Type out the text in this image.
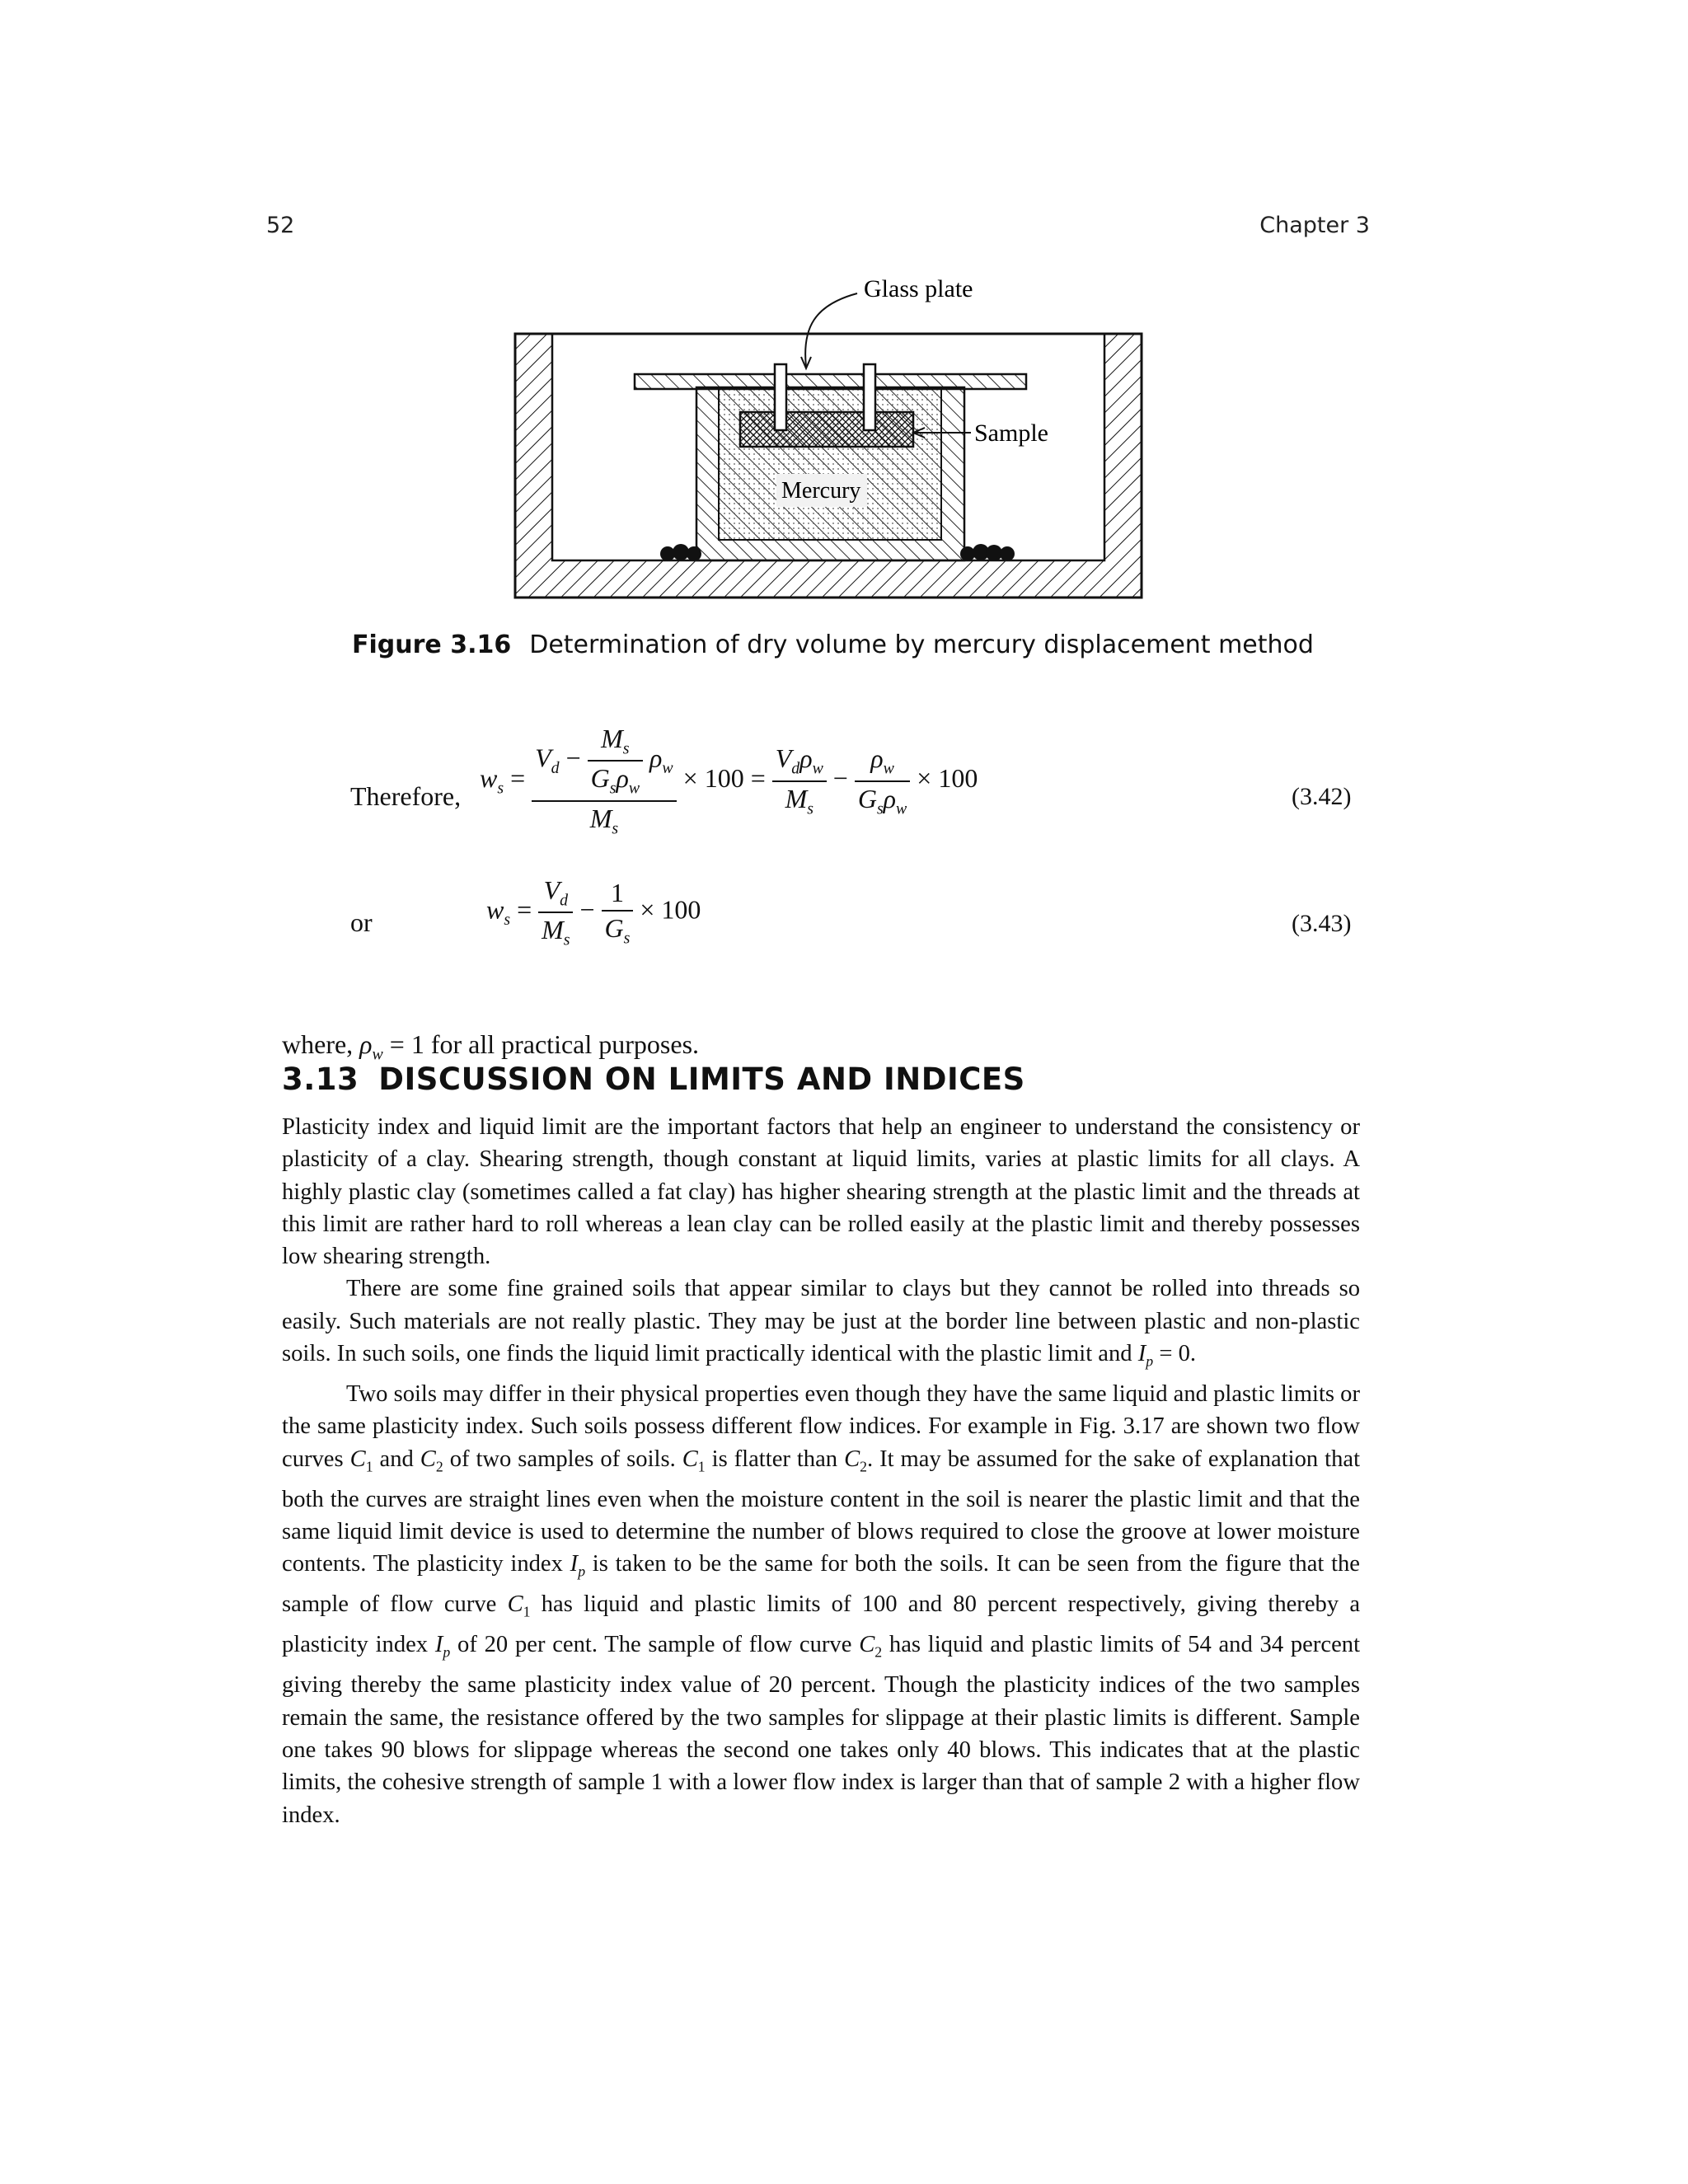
52	Chapter 3
Glass plate
Sample
Mercury
Figure 3.16 Determination of dry volume by mercury displacement method
Therefore,
$w_s = \frac{V_d - \frac{M_s}{G_s\rho_w} \rho_w}{M_s} \times 100 = \frac{V_d\rho_w}{M_s} - \frac{\rho_w}{G_s\rho_w} \times 100$
(3.42)
or	$w_s = \frac{V_d}{M_s} - \frac{1}{G_s} \times 100$	(3.43)
where, $\rho_w = 1$ for all practical purposes.
3.13 DISCUSSION ON LIMITS AND INDICES

Plasticity index and liquid limit are the important factors that help an engineer to understand the consistency or plasticity of a clay. Shearing strength, though constant at liquid limits, varies at plastic limits for all clays. A highly plastic clay (sometimes called a fat clay) has higher shearing strength at the plastic limit and the threads at this limit are rather hard to roll whereas a lean clay can be rolled easily at the plastic limit and thereby possesses low shearing strength.

There are some fine grained soils that appear similar to clays but they cannot be rolled into threads so easily. Such materials are not really plastic. They may be just at the border line between plastic and non-plastic soils. In such soils, one finds the liquid limit practically identical with the plastic limit and $I_p = 0$.

Two soils may differ in their physical properties even though they have the same liquid and plastic limits or the same plasticity index. Such soils possess different flow indices. For example in Fig. 3.17 are shown two flow curves $C_1$ and $C_2$ of two samples of soils. $C_1$ is flatter than $C_2$. It may be assumed for the sake of explanation that both the curves are straight lines even when the moisture content in the soil is nearer the plastic limit and that the same liquid limit device is used to determine the number of blows required to close the groove at lower moisture contents. The plasticity index $I_p$ is taken to be the same for both the soils. It can be seen from the figure that the sample of flow curve $C_1$ has liquid and plastic limits of 100 and 80 percent respectively, giving thereby a plasticity index $I_p$ of 20 per cent. The sample of flow curve $C_2$ has liquid and plastic limits of 54 and 34 percent giving thereby the same plasticity index value of 20 percent. Though the plasticity indices of the two samples remain the same, the resistance offered by the two samples for slippage at their plastic limits is different. Sample one takes 90 blows for slippage whereas the second one takes only 40 blows. This indicates that at the plastic limits, the cohesive strength of sample 1 with a lower flow index is larger than that of sample 2 with a higher flow index.
